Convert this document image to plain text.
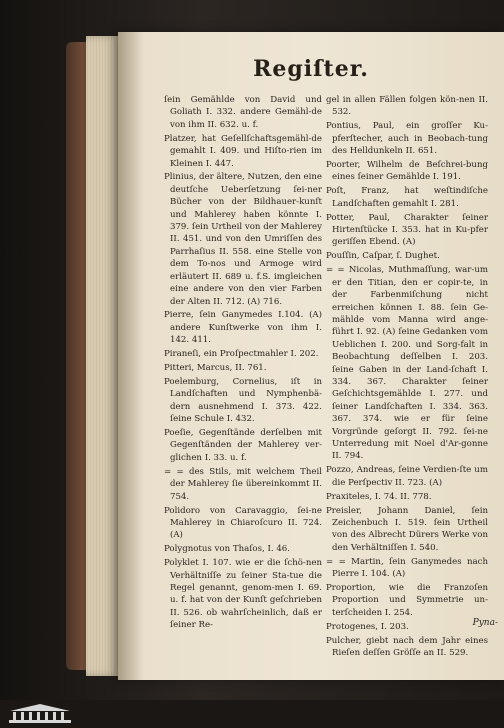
Regiſter.

ſein Gemählde von David und Goliath I. 332. andere Gemähl-de von ihm II. 632. u. f.

Platzer, hat Geſellſchaftsgemähl-de gemahlt I. 409. und Hiſto-rien im Kleinen I. 447.

Plinius, der ältere, Nutzen, den eine deutſche Ueberſetzung ſei-ner Bücher von der Bildhauer-kunſt und Mahlerey haben könnte I. 379. ſein Urtheil von der Mahlerey II. 451. und von den Umriſſen des Parrhaſius II. 558. eine Stelle von dem To-nos und Armoge wird erläutert II. 689 u. f.S. imgleichen eine andere von den vier Farben der Alten II. 712. (A) 716.

Pierre, ſein Ganymedes I.104. (A) andere Kunſtwerke von ihm I. 142. 411.

Piraneſi, ein Proſpectmahler I. 202.

Pitteri, Marcus, II. 761.

Poelemburg, Cornelius, iſt in Landſchaften und Nymphenbä-dern ausnehmend I. 373. 422. ſeine Schule I. 432.

Poeſie, Gegenſtände derſelben mit Gegenſtänden der Mahlerey ver-glichen I. 33. u. f.

= = des Stils, mit welchem Theil der Mahlerey ſie übereinkommt II. 754.

Polidoro von Caravaggio, ſei-ne Mahlerey in Chiaroſcuro II. 724. (A)

Polygnotus von Thaſos, I. 46.

Polyklet I. 107. wie er die ſchö-nen Verhältniſſe zu ſeiner Sta-tue die Regel genannt, genom-men I. 69. u. f. hat von der Kunſt geſchrieben II. 526. ob wahrſcheinlich, daß er ſeiner Re-

gel in allen Fällen folgen kön-nen II. 532.

Pontius, Paul, ein groſſer Ku-pferſtecher, auch in Beobach-tung des Helldunkeln II. 651.

Poorter, Wilhelm de Beſchrei-bung eines ſeiner Gemählde I. 191.

Poſt, Franz, hat weſtindiſche Landſchaften gemahlt I. 281.

Potter, Paul, Charakter ſeiner Hirtenſtücke I. 353. hat in Ku-pfer geriſſen Ebend. (A)

Pouſſin, Caſpar, ſ. Dughet.

= = Nicolas, Muthmaſſung, war-um er den Titian, den er copir-te, in der Farbenmiſchung nicht erreichen können I. 88. ſein Ge-mählde vom Manna wird ange-führt I. 92. (A) ſeine Gedanken vom Ueblichen I. 200. und Sorg-falt in Beobachtung deſſelben I. 203. ſeine Gaben in der Land-ſchaft I. 334. 367. Charakter ſeiner Geſchichtsgemählde I. 277. und ſeiner Landſchaften I. 334. 363. 367. 374. wie er für ſeine Vorgründe geſorgt II. 792. ſei-ne Unterredung mit Noel d'Ar-gonne II. 794.

Pozzo, Andreas, ſeine Verdien-ſte um die Perſpectiv II. 723. (A)

Praxiteles, I. 74. II. 778.

Preisler, Johann Daniel, ſein Zeichenbuch I. 519. ſein Urtheil von des Albrecht Dürers Werke von den Verhältniſſen I. 540.

= = Martin, ſein Ganymedes nach Pierre I. 104. (A)

Proportion, wie die Franzoſen Proportion und Symmetrie un-terſcheiden I. 254.

Protogenes, I. 203.

Pulcher, giebt nach dem Jahr eines Rieſen deſſen Gröſſe an II. 529.

Pyna-
